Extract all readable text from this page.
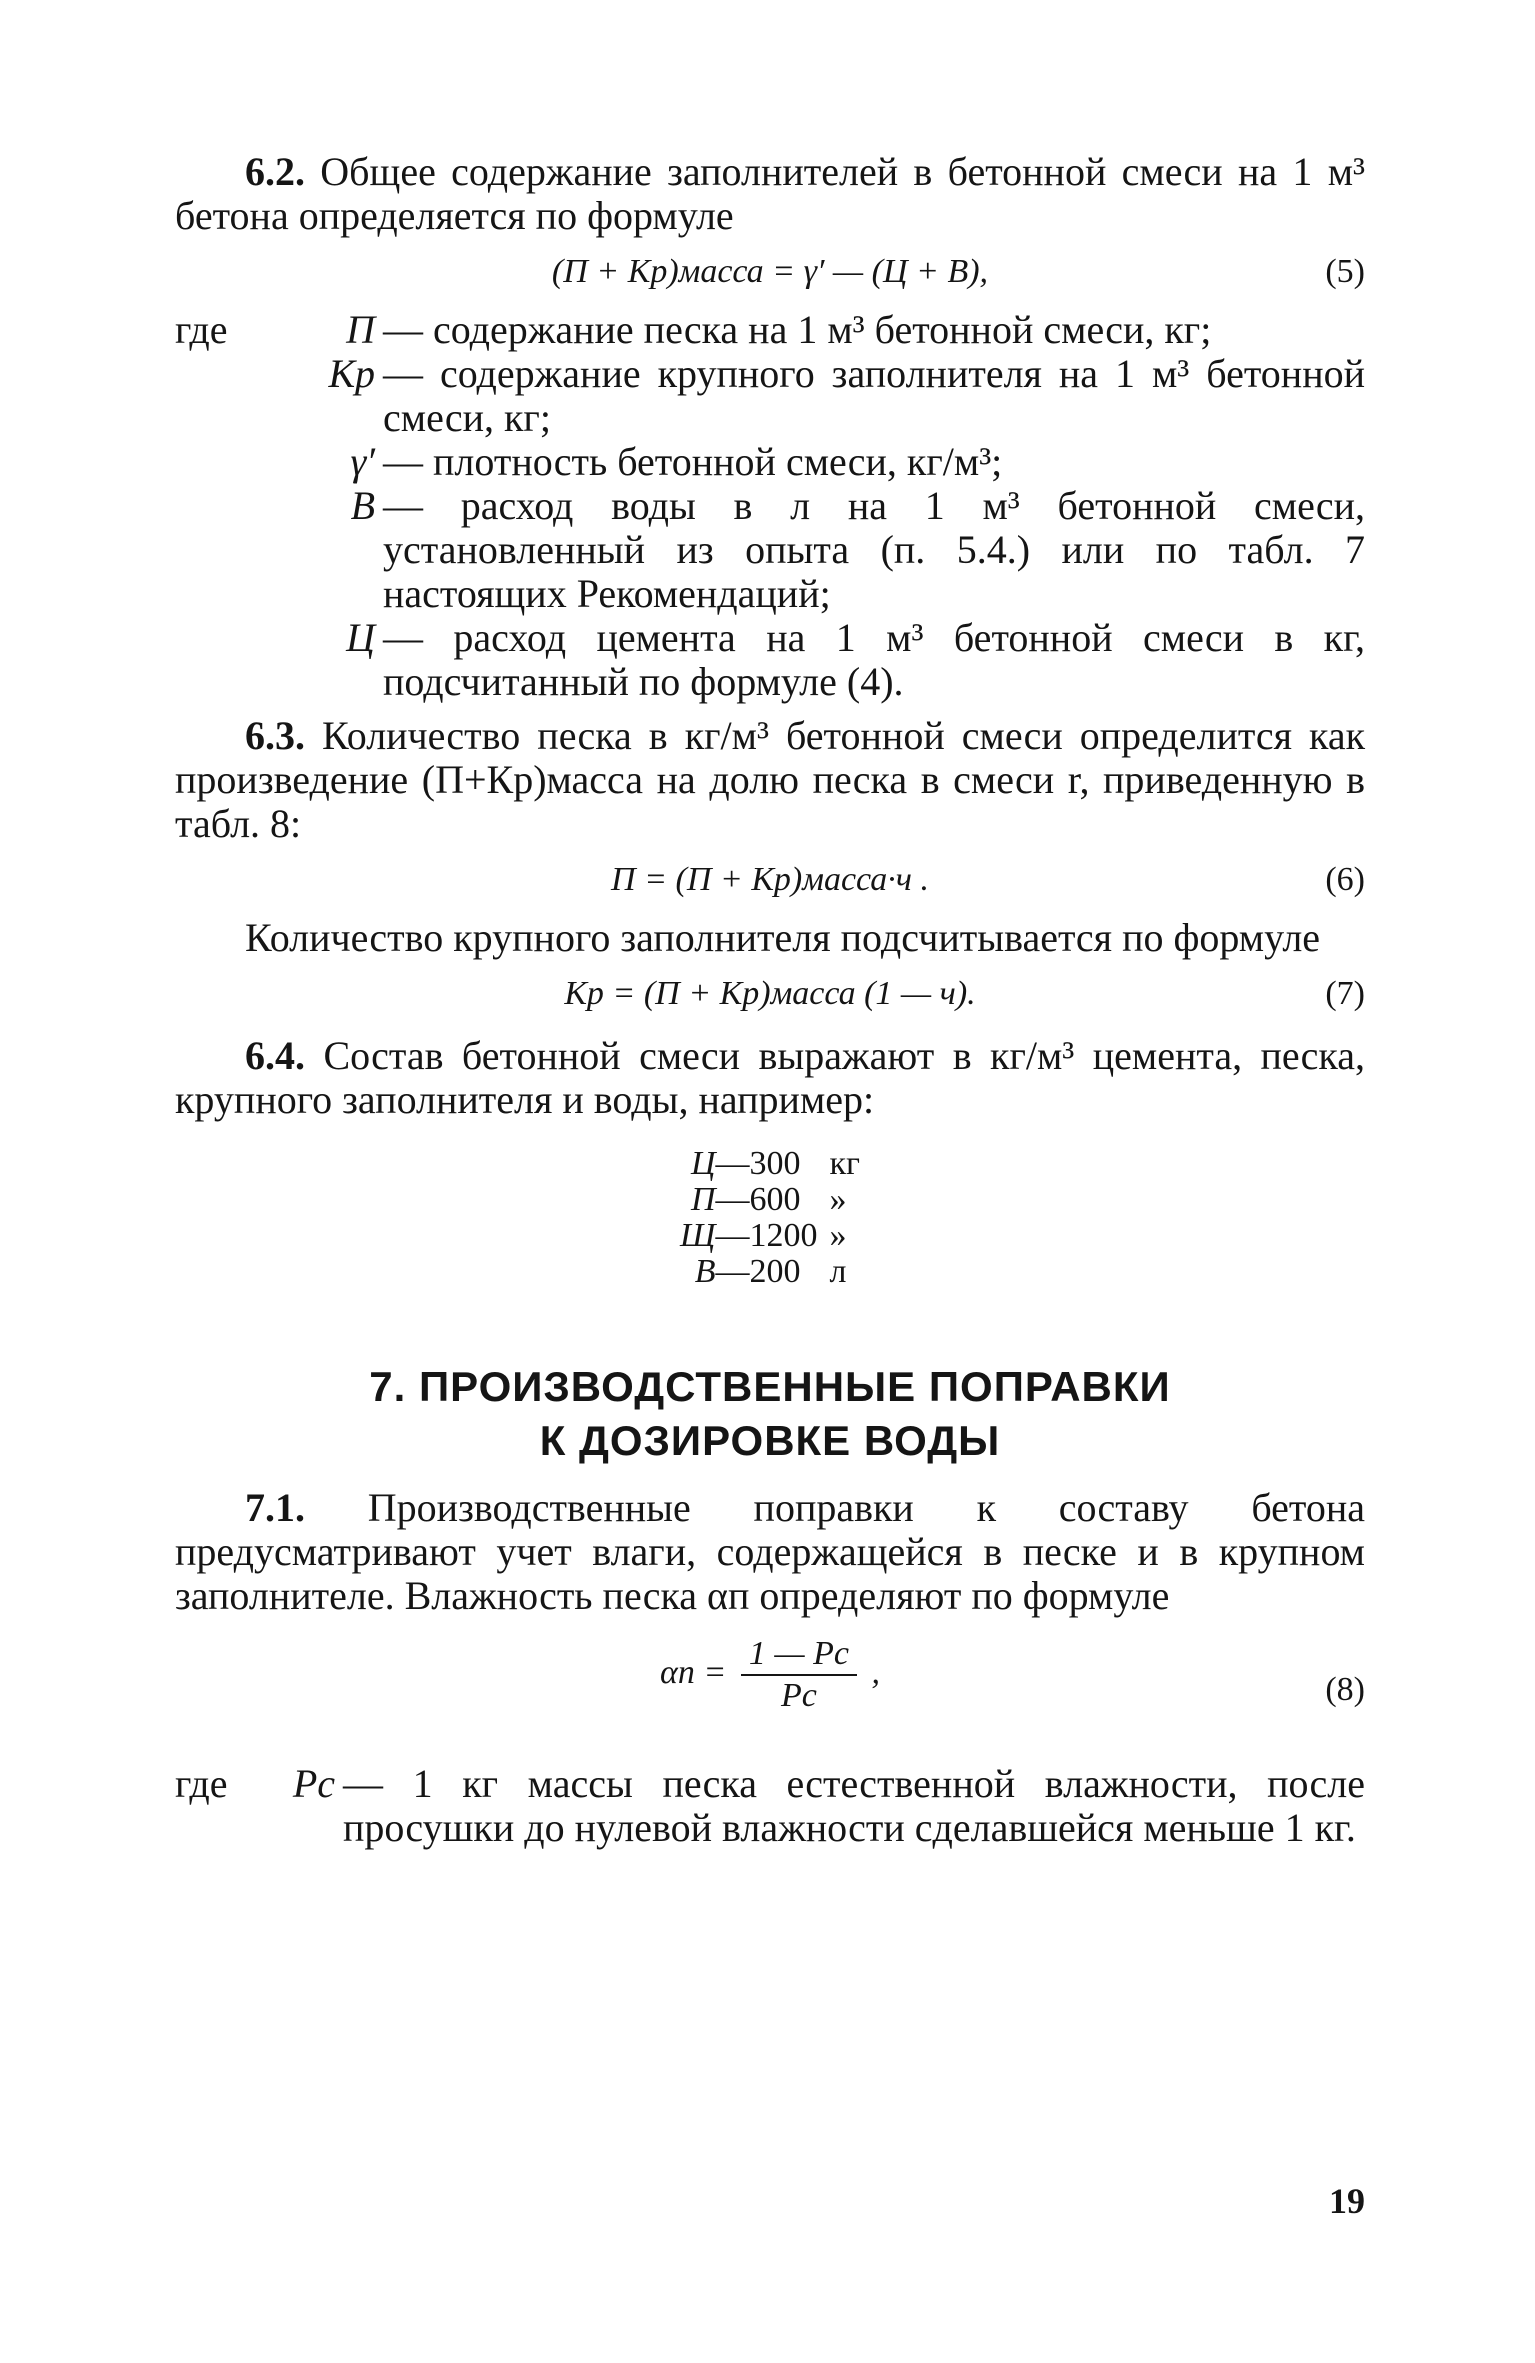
6.2. Общее содержание заполнителей в бетонной смеси на 1 м³ бетона определяется по формуле

(П + Кр)масса = γ′ — (Ц + В),	(5)
где	П — содержание песка на 1 м³ бетонной смеси, кг;
Кр — содержание крупного заполнителя на 1 м³ бетонной смеси, кг;
γ′ — плотность бетонной смеси, кг/м³;
В — расход воды в л на 1 м³ бетонной смеси, установленный из опыта (п. 5.4.) или по табл. 7 настоящих Рекомендаций;
Ц — расход цемента на 1 м³ бетонной смеси в кг, подсчитанный по формуле (4).

6.3. Количество песка в кг/м³ бетонной смеси определится как произведение (П+Кр)масса на долю песка в смеси r, приведенную в табл. 8:

П = (П + Кр)масса·ч .	(6)

Количество крупного заполнителя подсчитывается по формуле

Кр = (П + Кр)масса (1 — ч).	(7)

6.4. Состав бетонной смеси выражают в кг/м³ цемента, песка, крупного заполнителя и воды, например:

Ц	—300	кг
П	—600	»
Щ	—1200	»
В	—200	л
7. ПРОИЗВОДСТВЕННЫЕ ПОПРАВКИ
К ДОЗИРОВКЕ ВОДЫ

7.1. Производственные поправки к составу бетона предусматривают учет влаги, содержащейся в песке и в крупном заполнителе. Влажность песка αп определяют по формуле

$\alpha п = \frac{1 — Pс}{Pс}$ ,	(8)
где	Pс — 1 кг массы песка естественной влажности, после просушки до нулевой влажности сделавшейся меньше 1 кг.
19
